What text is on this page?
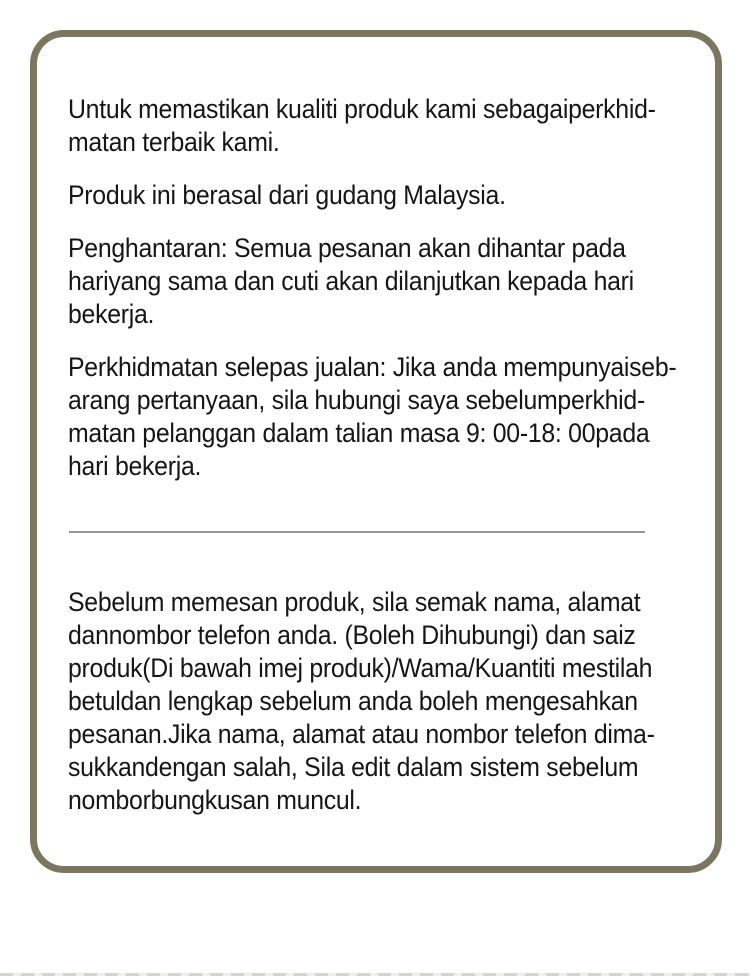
Untuk memastikan kualiti produk kami sebagaiperkhid-
matan terbaik kami.
Produk ini berasal dari gudang Malaysia.
Penghantaran: Semua pesanan akan dihantar pada
hariyang sama dan cuti akan dilanjutkan kepada hari
bekerja.
Perkhidmatan selepas jualan: Jika anda mempunyaiseb-
arang pertanyaan, sila hubungi saya sebelumperkhid-
matan pelanggan dalam talian masa 9: 00-18: 00pada
hari bekerja.
Sebelum memesan produk, sila semak nama, alamat
dannombor telefon anda. (Boleh Dihubungi) dan saiz
produk(Di bawah imej produk)/Wama/Kuantiti mestilah
betuldan lengkap sebelum anda boleh mengesahkan
pesanan.Jika nama, alamat atau nombor telefon dima-
sukkandengan salah, Sila edit dalam sistem sebelum
nomborbungkusan muncul.
